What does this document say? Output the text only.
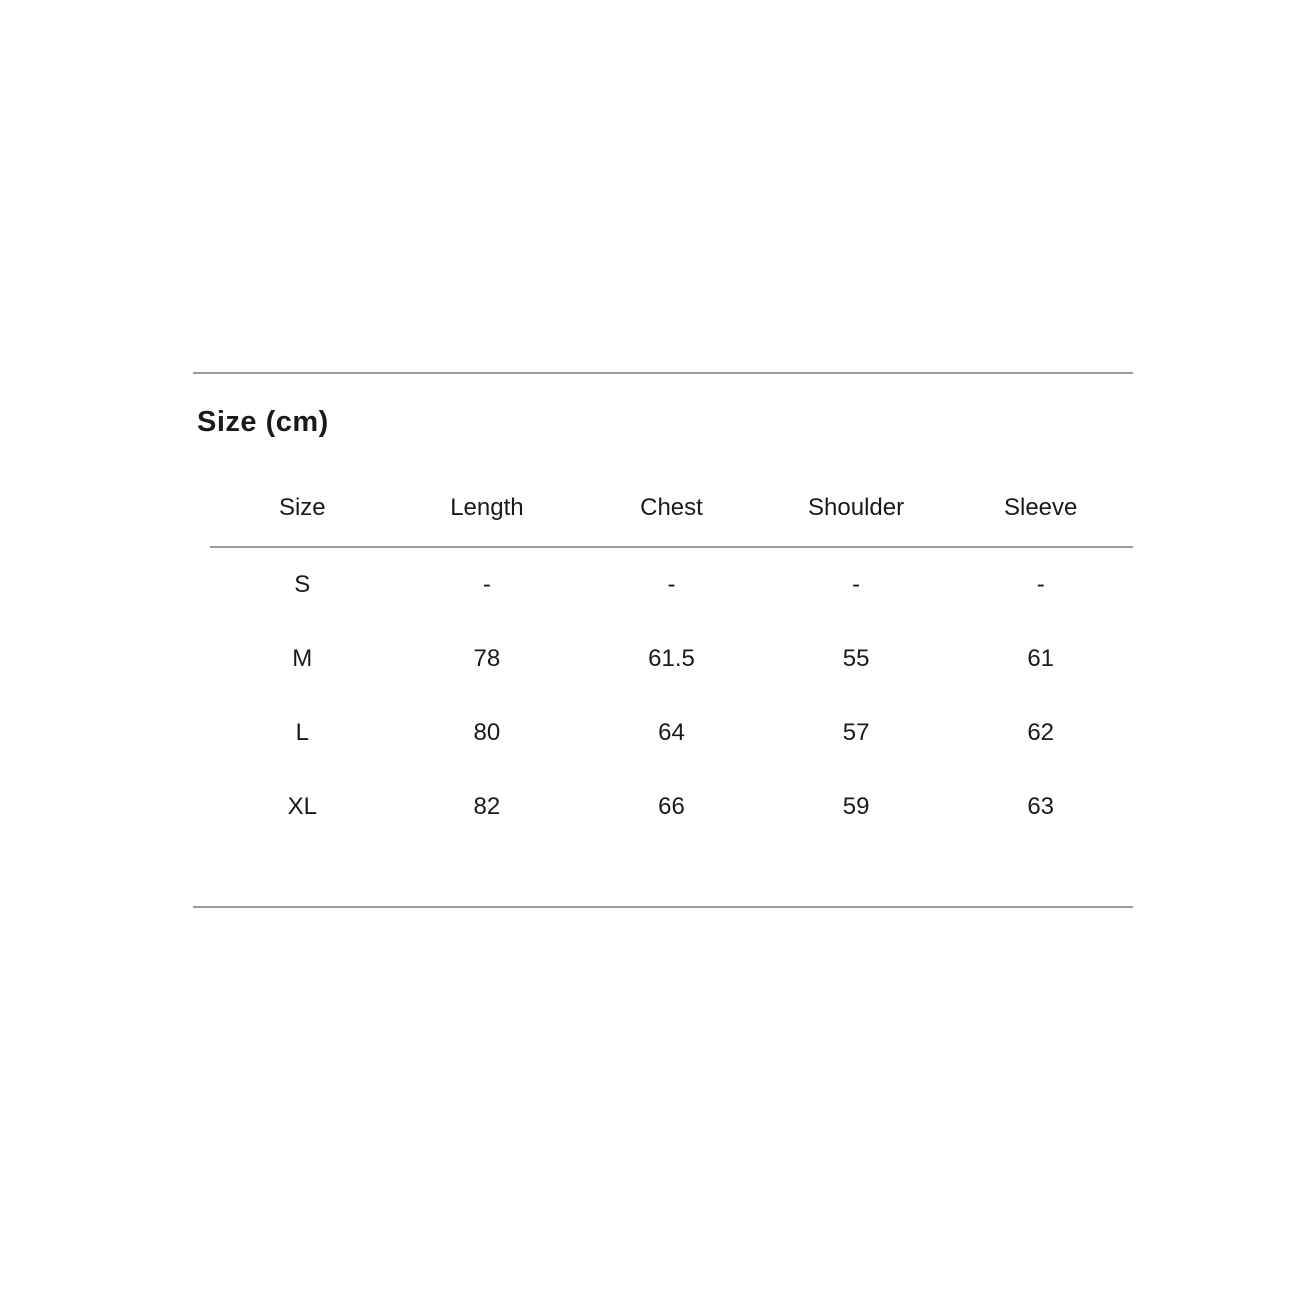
Size (cm)
Size	Length	Chest	Shoulder	Sleeve
S	-	-	-	-
M	78	61.5	55	61
L	80	64	57	62
XL	82	66	59	63
